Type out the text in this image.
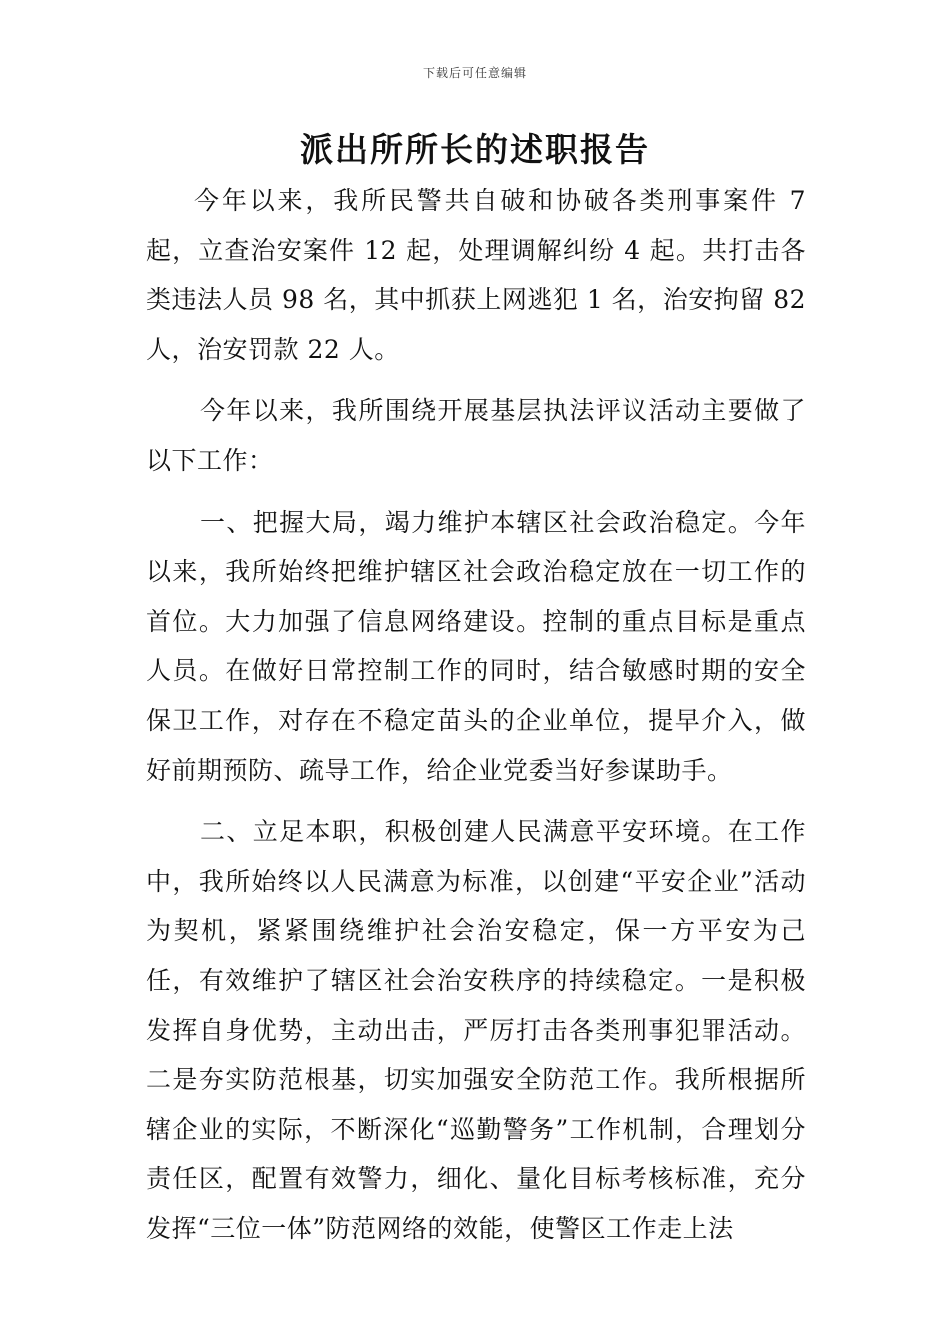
下载后可任意编辑
派出所所长的述职报告

今年以来，我所民警共自破和协破各类刑事案件 7 起，立查治安案件 12 起，处理调解纠纷 4 起。共打击各类违法人员 98 名，其中抓获上网逃犯 1 名，治安拘留 82 人，治安罚款 22 人。

今年以来，我所围绕开展基层执法评议活动主要做了以下工作：

一、把握大局，竭力维护本辖区社会政治稳定。今年以来，我所始终把维护辖区社会政治稳定放在一切工作的首位。大力加强了信息网络建设。控制的重点目标是重点人员。在做好日常控制工作的同时，结合敏感时期的安全保卫工作，对存在不稳定苗头的企业单位，提早介入，做好前期预防、疏导工作，给企业党委当好参谋助手。

二、立足本职，积极创建人民满意平安环境。在工作中，我所始终以人民满意为标准，以创建“平安企业”活动为契机，紧紧围绕维护社会治安稳定，保一方平安为己任，有效维护了辖区社会治安秩序的持续稳定。一是积极发挥自身优势，主动出击，严厉打击各类刑事犯罪活动。二是夯实防范根基，切实加强安全防范工作。我所根据所辖企业的实际，不断深化“巡勤警务”工作机制，合理划分责任区，配置有效警力，细化、量化目标考核标准，充分发挥“三位一体”防范网络的效能，使警区工作走上法
